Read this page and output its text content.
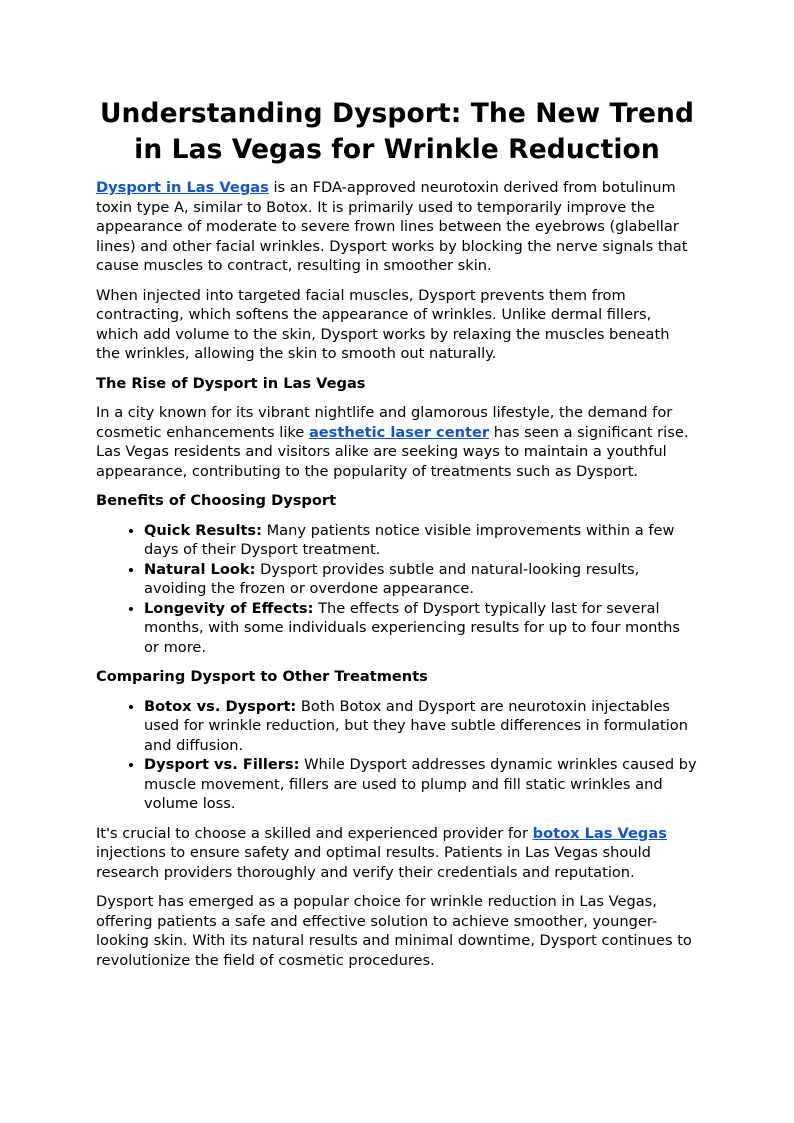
Understanding Dysport: The New Trend in Las Vegas for Wrinkle Reduction

Dysport in Las Vegas is an FDA-approved neurotoxin derived from botulinum toxin type A, similar to Botox. It is primarily used to temporarily improve the appearance of moderate to severe frown lines between the eyebrows (glabellar lines) and other facial wrinkles. Dysport works by blocking the nerve signals that cause muscles to contract, resulting in smoother skin.

When injected into targeted facial muscles, Dysport prevents them from contracting, which softens the appearance of wrinkles. Unlike dermal fillers, which add volume to the skin, Dysport works by relaxing the muscles beneath the wrinkles, allowing the skin to smooth out naturally.

The Rise of Dysport in Las Vegas

In a city known for its vibrant nightlife and glamorous lifestyle, the demand for cosmetic enhancements like aesthetic laser center has seen a significant rise. Las Vegas residents and visitors alike are seeking ways to maintain a youthful appearance, contributing to the popularity of treatments such as Dysport.

Benefits of Choosing Dysport
• Quick Results: Many patients notice visible improvements within a few days of their Dysport treatment.
• Natural Look: Dysport provides subtle and natural-looking results, avoiding the frozen or overdone appearance.
• Longevity of Effects: The effects of Dysport typically last for several months, with some individuals experiencing results for up to four months or more.
Comparing Dysport to Other Treatments
• Botox vs. Dysport: Both Botox and Dysport are neurotoxin injectables used for wrinkle reduction, but they have subtle differences in formulation and diffusion.
• Dysport vs. Fillers: While Dysport addresses dynamic wrinkles caused by muscle movement, fillers are used to plump and fill static wrinkles and volume loss.

It's crucial to choose a skilled and experienced provider for botox Las Vegas injections to ensure safety and optimal results. Patients in Las Vegas should research providers thoroughly and verify their credentials and reputation.

Dysport has emerged as a popular choice for wrinkle reduction in Las Vegas, offering patients a safe and effective solution to achieve smoother, younger-looking skin. With its natural results and minimal downtime, Dysport continues to revolutionize the field of cosmetic procedures.
